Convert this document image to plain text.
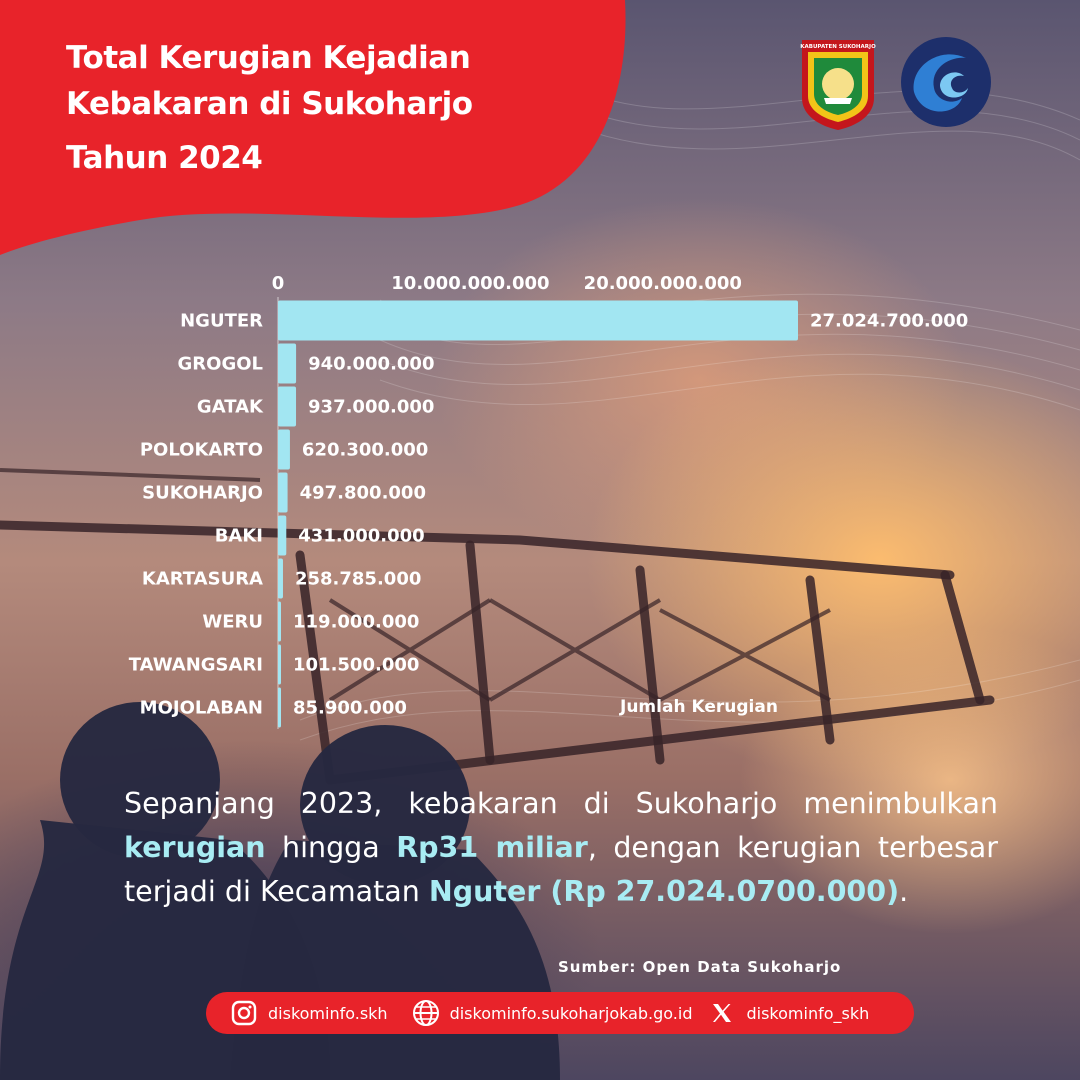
Total Kerugian Kejadian
Kebakaran di Sukoharjo
Tahun 2024
KABUPATEN SUKOHARJO
0	10.000.000.000 20.000.000.000
NGUTER	27.024.700.000
GROGOL	940.000.000
GATAK	937.000.000
POLOKARTO 620.300.000
SUKOHARJO 497.800.000
BAKI 431.000.000
KARTASURA 258.785.000
WERU 119.000.000
TAWANGSARI 101.500.000
MOJOLABAN 85.900.000	Jumlah Kerugian
Sepanjang 2023, kebakaran di Sukoharjo menimbulkan kerugian hingga Rp31 miliar, dengan kerugian terbesar terjadi di Kecamatan Nguter (Rp 27.024.0700.000).
Sumber: Open Data Sukoharjo
diskominfo.skh	diskominfo.sukoharjokab.go.id	diskominfo_skh
